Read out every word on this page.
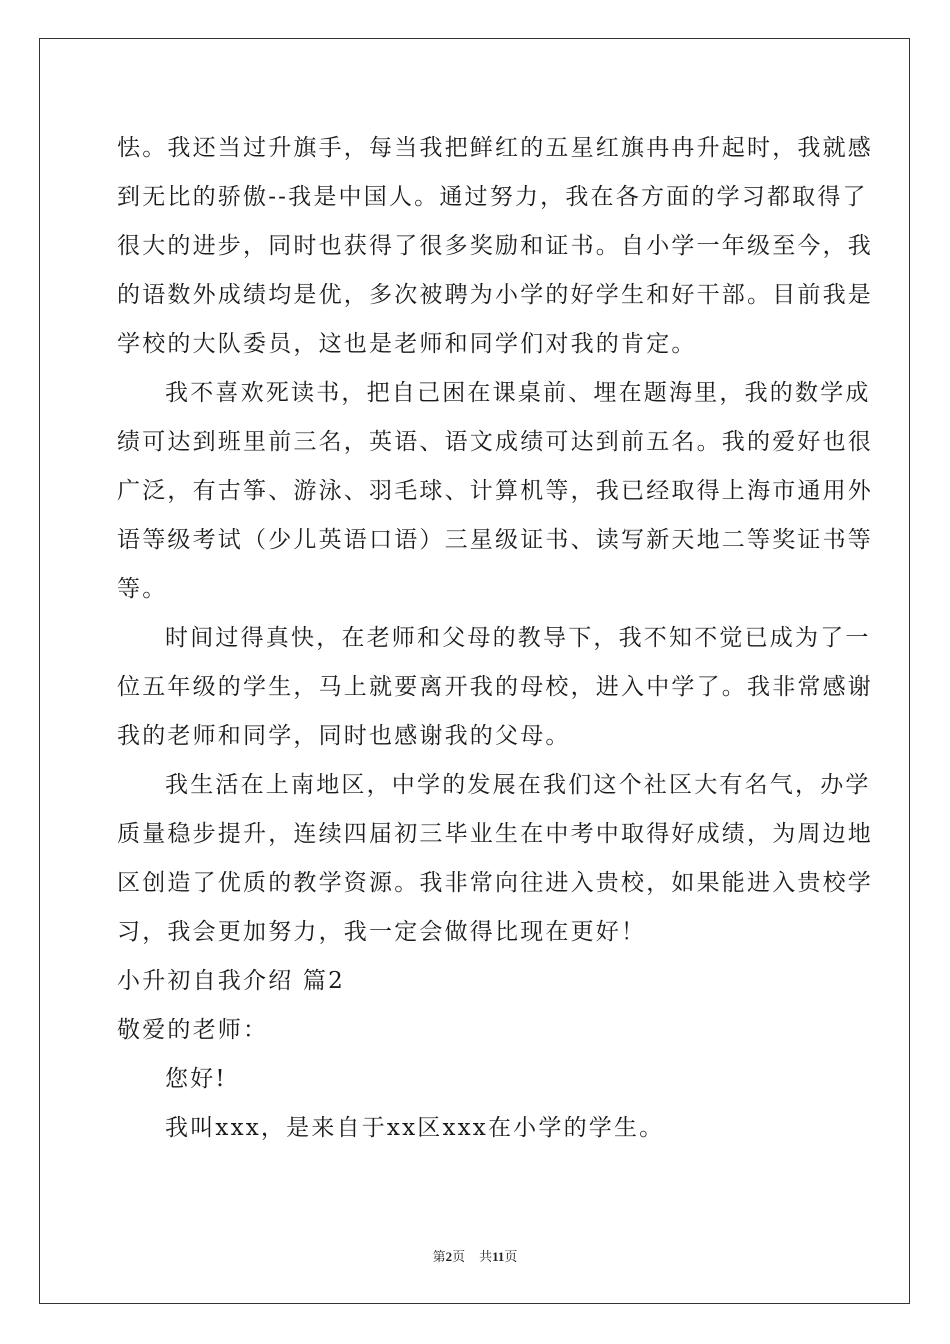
怯。我还当过升旗手，每当我把鲜红的五星红旗冉冉升起时，我就感
到无比的骄傲--我是中国人。通过努力，我在各方面的学习都取得了
很大的进步，同时也获得了很多奖励和证书。自小学一年级至今，我
的语数外成绩均是优，多次被聘为小学的好学生和好干部。目前我是
学校的大队委员，这也是老师和同学们对我的肯定。
我不喜欢死读书，把自己困在课桌前、埋在题海里，我的数学成
绩可达到班里前三名，英语、语文成绩可达到前五名。我的爱好也很
广泛，有古筝、游泳、羽毛球、计算机等，我已经取得上海市通用外
语等级考试（少儿英语口语）三星级证书、读写新天地二等奖证书等
等。
时间过得真快，在老师和父母的教导下，我不知不觉已成为了一
位五年级的学生，马上就要离开我的母校，进入中学了。我非常感谢
我的老师和同学，同时也感谢我的父母。
我生活在上南地区，中学的发展在我们这个社区大有名气，办学
质量稳步提升，连续四届初三毕业生在中考中取得好成绩，为周边地
区创造了优质的教学资源。我非常向往进入贵校，如果能进入贵校学
习，我会更加努力，我一定会做得比现在更好！
小升初自我介绍 篇2
敬爱的老师：
您好!
我叫xxx，是来自于xx区xxx在小学的学生。
第2页 共11页
